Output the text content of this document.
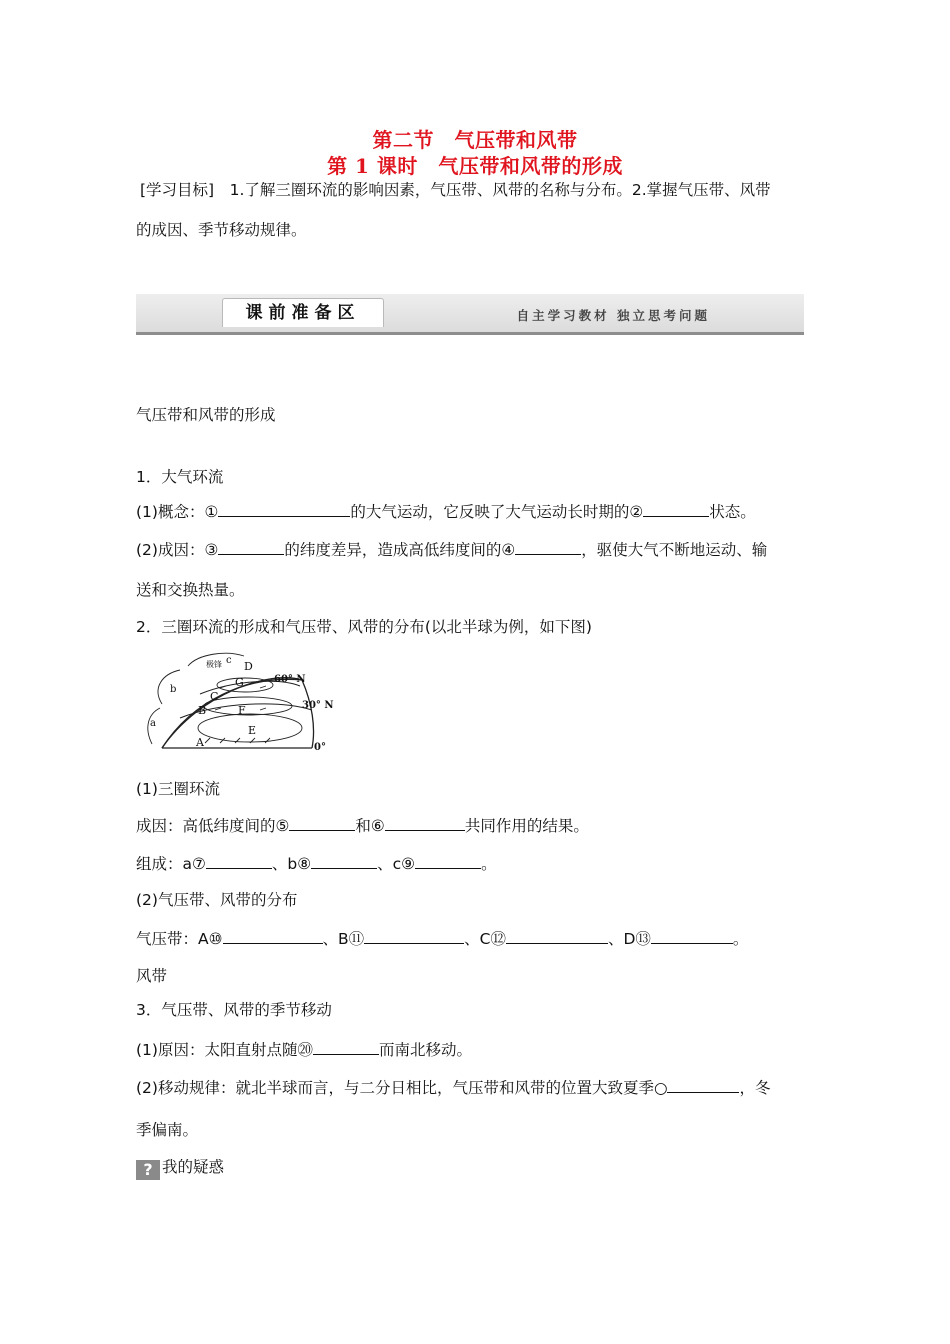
第二节　气压带和风带
第 1 课时　气压带和风带的形成
[学习目标]　1.了解三圈环流的影响因素，气压带、风带的名称与分布。2.掌握气压带、风带
的成因、季节移动规律。
课前准备区	自主学习教材 独立思考问题
气压带和风带的形成
1．大气环流
(1)概念：①	的大气运动，它反映了大气运动长时期的②	状态。
(2)成因：③	的纬度差异，造成高低纬度间的④	，驱使大气不断地运动、输
送和交换热量。
2．三圈环流的形成和气压带、风带的分布(以北半球为例，如下图)
A
B
C
D
E
F
G
a
b
c
极锋
60° N
30° N
0°
(1)三圈环流
成因：高低纬度间的⑤	和⑥	共同作用的结果。
组成：a⑦	、b⑧	、c⑨	。
(2)气压带、风带的分布
气压带：A⑩	、B⑪	、C⑫	、D⑬	。
风带
3．气压带、风带的季节移动
(1)原因：太阳直射点随⑳	而南北移动。
(2)移动规律：就北半球而言，与二分日相比，气压带和风带的位置大致夏季○	，冬
季偏南。
? 我的疑惑
